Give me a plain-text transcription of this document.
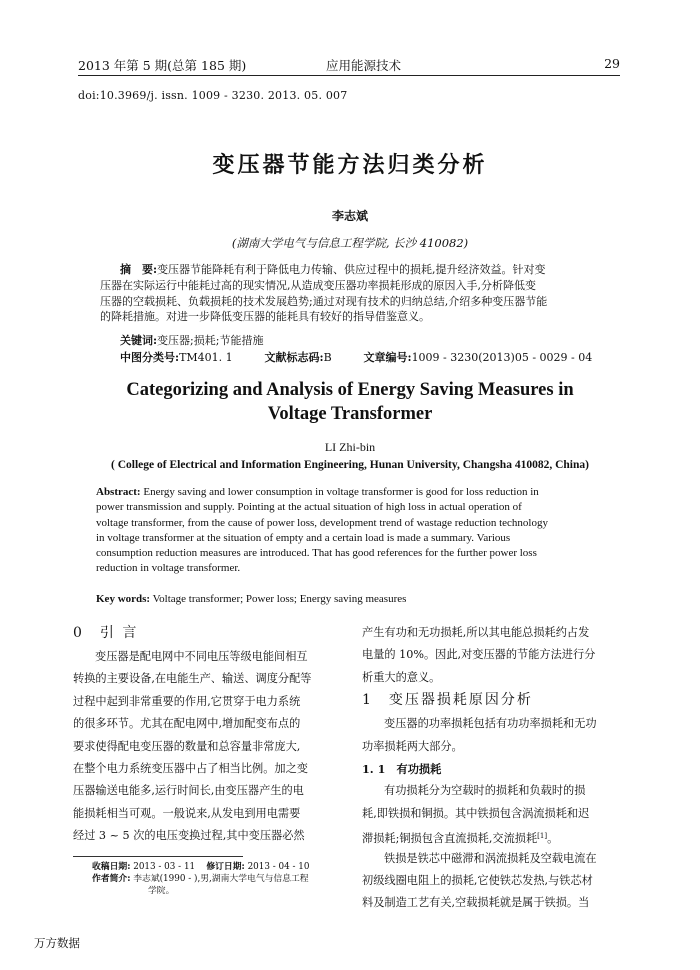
2013 年第 5 期(总第 185 期)	应用能源技术	29
doi:10.3969/j. issn. 1009 - 3230. 2013. 05. 007
变压器节能方法归类分析
李志斌
(湖南大学电气与信息工程学院, 长沙 410082)
摘　要:变压器节能降耗有利于降低电力传输、供应过程中的损耗,提升经济效益。针对变
压器在实际运行中能耗过高的现实情况,从造成变压器功率损耗形成的原因入手,分析降低变
压器的空载损耗、负载损耗的技术发展趋势;通过对现有技术的归纳总结,介绍多种变压器节能
的降耗措施。对进一步降低变压器的能耗具有较好的指导借鉴意义。
关键词:变压器;损耗;节能措施
中图分类号:TM401. 1	文献标志码:B	文章编号:1009 - 3230(2013)05 - 0029 - 04
Categorizing and Analysis of Energy Saving Measures in
Voltage Transformer
LI Zhi-bin
( College of Electrical and Information Engineering, Hunan University, Changsha 410082, China)
Abstract: Energy saving and lower consumption in voltage transformer is good for loss reduction in
power transmission and supply. Pointing at the actual situation of high loss in actual operation of
voltage transformer, from the cause of power loss, development trend of wastage reduction technology
in voltage transformer at the situation of empty and a certain load is made a summary. Various
consumption reduction measures are introduced. That has good references for the further power loss
reduction in voltage transformer.
Key words: Voltage transformer; Power loss; Energy saving measures
0　引 言
变压器是配电网中不同电压等级电能间相互
转换的主要设备,在电能生产、输送、调度分配等
过程中起到非常重要的作用,它贯穿于电力系统
的很多环节。尤其在配电网中,增加配变布点的
要求使得配电变压器的数量和总容量非常庞大,
在整个电力系统变压器中占了相当比例。加之变
压器输送电能多,运行时间长,由变压器产生的电
能损耗相当可观。一般说来,从发电到用电需要
经过 3 ~ 5 次的电压变换过程,其中变压器必然
产生有功和无功损耗,所以其电能总损耗约占发
电量的 10%。因此,对变压器的节能方法进行分
析重大的意义。
1　变压器损耗原因分析
变压器的功率损耗包括有功功率损耗和无功
功率损耗两大部分。
1. 1　有功损耗
有功损耗分为空载时的损耗和负载时的损
耗,即铁损和铜损。其中铁损包含涡流损耗和迟
滞损耗;铜损包含直流损耗,交流损耗[1]。
铁损是铁芯中磁滞和涡流损耗及空载电流在
初级线圈电阻上的损耗,它使铁芯发热,与铁芯材
料及制造工艺有关,空载损耗就是属于铁损。当
收稿日期: 2013 - 03 - 11 修订日期: 2013 - 04 - 10
作者简介: 李志斌(1990 - ),男,湖南大学电气与信息工程
学院。
万方数据
